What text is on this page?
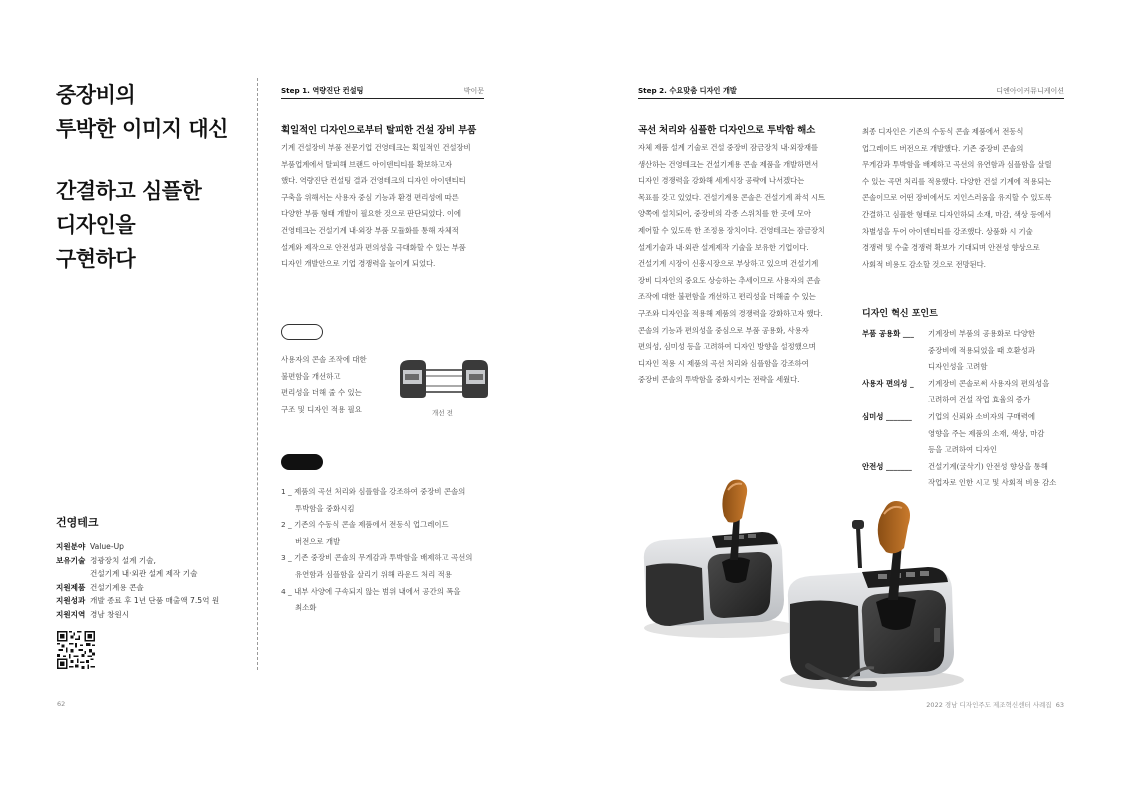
중장비의
투박한 이미지 대신
간결하고 심플한
디자인을
구현하다
건영테크
지원분야 Value-Up
보유기술 정광장치 설계 기술,
건설기계 내·외관 설계 제작 기술
지원제품 건설기계용 콘솔
지원성과 개발 종료 후 1년 단품 매출액 7.5억 원
지원지역 경남 창원시
62	2022 경남 디자인주도 제조혁신센터 사례집 63
Step 1. 역량진단 컨설팅	박이문	Step 2. 수요맞춤 디자인 개발	디엔아이커뮤니케이션
획일적인 디자인으로부터 탈피한 건설 장비 부품
기계 건설장비 부품 전문기업 건영테크는 획일적인 건설장비
부품업계에서 탈피해 브랜드 아이덴티티를 확보하고자
했다. 역량진단 컨설팅 결과 건영테크의 디자인 아이덴티티
구축을 위해서는 사용자 중심 기능과 환경 편리성에 따른
다양한 부품 형태 개발이 필요한 것으로 판단되었다. 이에
건영테크는 건설기계 내·외장 부품 모듈화를 통해 자체적
설계와 제작으로 안전성과 편의성을 극대화할 수 있는 부품
디자인 개발안으로 기업 경쟁력을 높이게 되었다.
사용자의 콘솔 조작에 대한
불편함을 개선하고
편리성을 더해 줄 수 있는
구조 및 디자인 적용 필요	개선 전
1 _ 제품의 곡선 처리와 심플함을 강조하여 중장비 콘솔의
투박함을 중화시킴
2 _ 기존의 수동식 콘솔 제품에서 전동식 업그레이드
버전으로 개발
3 _ 기존 중장비 콘솔의 무게감과 투박함을 배제하고 곡선의
유연함과 심플함을 살리기 위해 라운드 처리 적용
4 _ 내부 사양에 구속되지 않는 범위 내에서 공간의 폭을
최소화
곡선 처리와 심플한 디자인으로 투박함 해소
자체 제품 설계 기술로 건설 중장비 잠금장치 내·외장재를
생산하는 건영테크는 건설기계용 콘솔 제품을 개발하면서
디자인 경쟁력을 강화해 세계시장 공략에 나서겠다는
목표를 갖고 있었다. 건설기계용 콘솔은 건설기계 좌석 시트
양쪽에 설치되어, 중장비의 각종 스위치를 한 곳에 모아
제어할 수 있도록 한 조정용 장치이다. 건영테크는 잠금장치
설계기술과 내·외관 설계제작 기술을 보유한 기업이다.
건설기계 시장이 신흥시장으로 부상하고 있으며 건설기계
장비 디자인의 중요도 상승하는 추세이므로 사용자의 콘솔
조작에 대한 불편함을 개선하고 편리성을 더해줄 수 있는
구조와 디자인을 적용해 제품의 경쟁력을 강화하고자 했다.
콘솔의 기능과 편의성을 중심으로 부품 공용화, 사용자
편의성, 심미성 등을 고려하여 디자인 방향을 설정했으며
디자인 적용 시 제품의 곡선 처리와 심플함을 강조하여
중장비 콘솔의 투박함을 중화시키는 전략을 세웠다.
최종 디자인은 기존의 수동식 콘솔 제품에서 전동식
업그레이드 버전으로 개발했다. 기존 중장비 콘솔의
무게감과 투박함을 배제하고 곡선의 유연함과 심플함을 살릴
수 있는 곡면 처리를 적용했다. 다양한 건설 기계에 적용되는
콘솔이므로 어떤 장비에서도 지인스러움을 유지할 수 있도록
간결하고 심플한 형태로 디자인하되 소재, 마감, 색상 등에서
차별성을 두어 아이덴티티를 강조했다. 상품화 시 기술
경쟁력 및 수출 경쟁력 확보가 기대되며 안전성 향상으로
사회적 비용도 감소할 것으로 전망된다.
디자인 혁신 포인트
부품 공용화 ___	기계장비 부품의 공용화로 다양한
중장비에 적용되었을 때 호환성과
디자인성을 고려함
사용자 편의성 _	기계장비 콘솔로써 사용자의 편의성을
고려하여 건설 작업 효율의 증가
심미성 _______	기업의 신뢰와 소비자의 구매력에
영향을 주는 제품의 소재, 색상, 마감
등을 고려하여 디자인
안전성 _______	건설기계(굴삭기) 안전성 향상을 통해
작업자로 인한 시고 및 사회적 비용 감소
